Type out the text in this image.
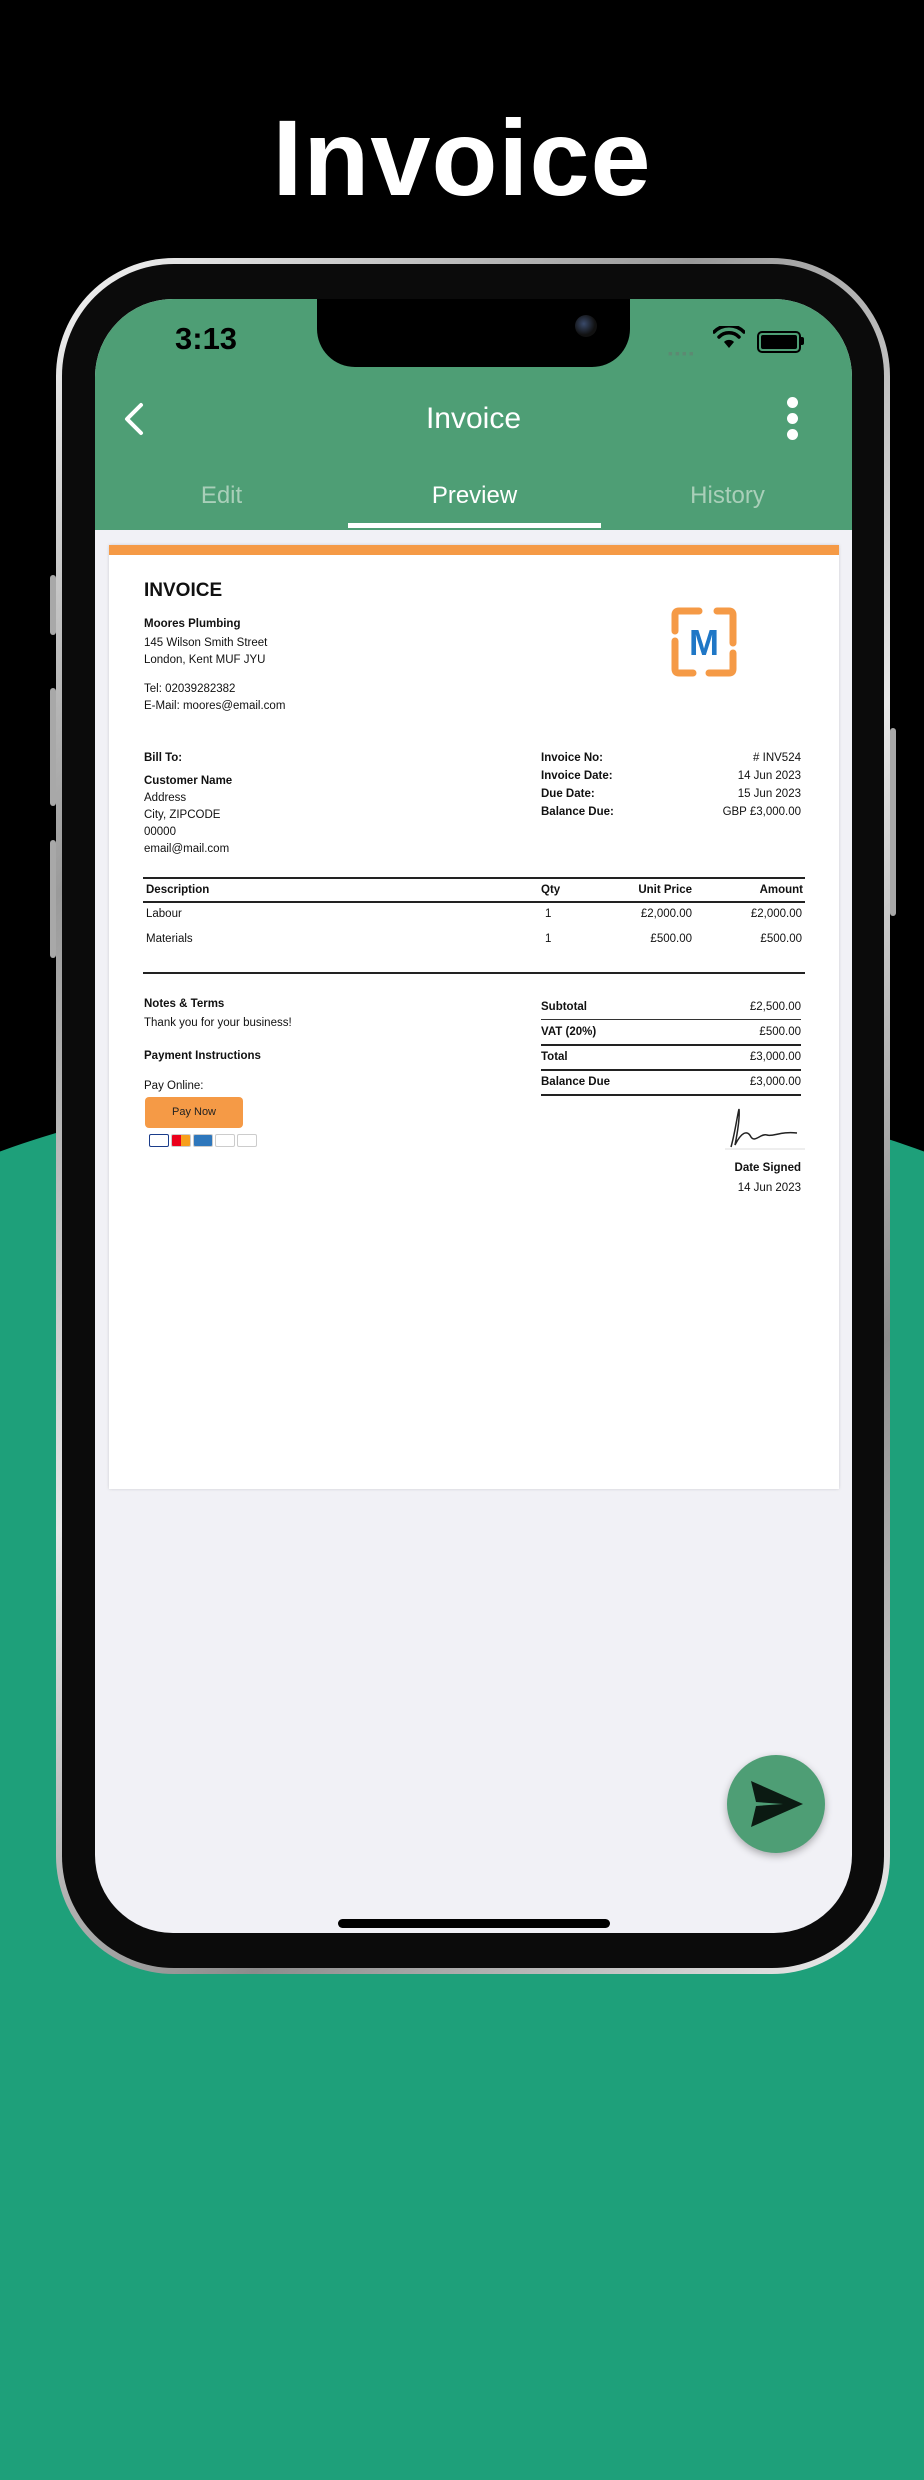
Invoice
3:13	▪▪▪▪
Invoice
Edit	Preview	History
INVOICE
Moores Plumbing
145 Wilson Smith Street
London, Kent MUF JYU
Tel: 02039282382
E-Mail: moores@email.com
M
Bill To:
Customer Name
Address
City, ZIPCODE
00000
email@mail.com
Invoice No:	# INV524
Invoice Date:	14 Jun 2023
Due Date:	15 Jun 2023
Balance Due:	GBP £3,000.00
Description	Qty	Unit Price	Amount
Labour	1	£2,000.00	£2,000.00
Materials	1	£500.00	£500.00
Notes & Terms
Thank you for your business!
Payment Instructions
Pay Online:
Pay Now
Subtotal	£2,500.00
VAT (20%)	£500.00
Total	£3,000.00
Balance Due	£3,000.00
Date Signed
14 Jun 2023
